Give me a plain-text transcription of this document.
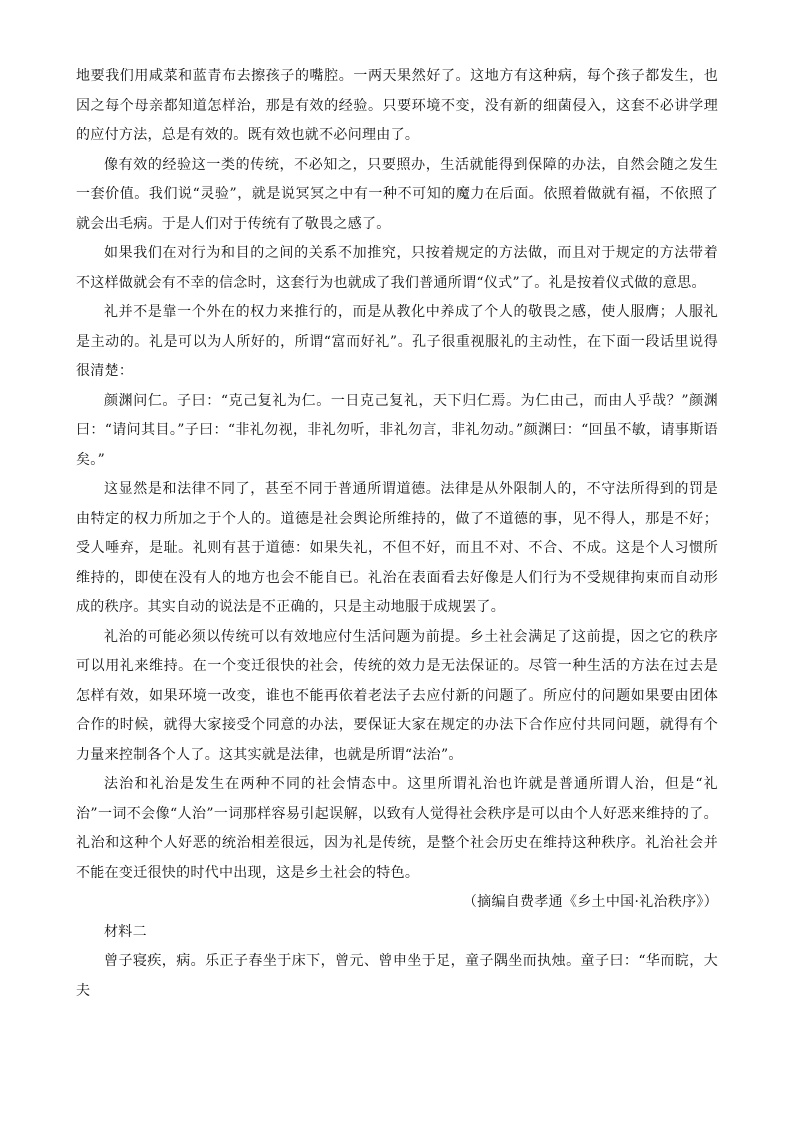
地要我们用咸菜和蓝青布去擦孩子的嘴腔。一两天果然好了。这地方有这种病，每个孩子都发生，也因之每个母亲都知道怎样治，那是有效的经验。只要环境不变，没有新的细菌侵入，这套不必讲学理的应付方法，总是有效的。既有效也就不必问理由了。

像有效的经验这一类的传统，不必知之，只要照办，生活就能得到保障的办法，自然会随之发生一套价值。我们说“灵验”，就是说冥冥之中有一种不可知的魔力在后面。依照着做就有福，不依照了就会出毛病。于是人们对于传统有了敬畏之感了。

如果我们在对行为和目的之间的关系不加推究，只按着规定的方法做，而且对于规定的方法带着不这样做就会有不幸的信念时，这套行为也就成了我们普通所谓“仪式”了。礼是按着仪式做的意思。

礼并不是靠一个外在的权力来推行的，而是从教化中养成了个人的敬畏之感，使人服膺；人服礼是主动的。礼是可以为人所好的，所谓“富而好礼”。孔子很重视服礼的主动性，在下面一段话里说得很清楚：

颜渊问仁。子曰：“克己复礼为仁。一日克己复礼，天下归仁焉。为仁由己，而由人乎哉？”颜渊曰：“请问其目。”子曰：“非礼勿视，非礼勿听，非礼勿言，非礼勿动。”颜渊曰：“回虽不敏，请事斯语矣。”

这显然是和法律不同了，甚至不同于普通所谓道德。法律是从外限制人的，不守法所得到的罚是由特定的权力所加之于个人的。道德是社会舆论所维持的，做了不道德的事，见不得人，那是不好；受人唾弃，是耻。礼则有甚于道德：如果失礼，不但不好，而且不对、不合、不成。这是个人习惯所维持的，即使在没有人的地方也会不能自已。礼治在表面看去好像是人们行为不受规律拘束而自动形成的秩序。其实自动的说法是不正确的，只是主动地服于成规罢了。

礼治的可能必须以传统可以有效地应付生活问题为前提。乡土社会满足了这前提，因之它的秩序可以用礼来维持。在一个变迁很快的社会，传统的效力是无法保证的。尽管一种生活的方法在过去是怎样有效，如果环境一改变，谁也不能再依着老法子去应付新的问题了。所应付的问题如果要由团体合作的时候，就得大家接受个同意的办法，要保证大家在规定的办法下合作应付共同问题，就得有个力量来控制各个人了。这其实就是法律，也就是所谓“法治”。

法治和礼治是发生在两种不同的社会情态中。这里所谓礼治也许就是普通所谓人治，但是“礼治”一词不会像“人治”一词那样容易引起误解，以致有人觉得社会秩序是可以由个人好恶来维持的了。礼治和这种个人好恶的统治相差很远，因为礼是传统，是整个社会历史在维持这种秩序。礼治社会并不能在变迁很快的时代中出现，这是乡土社会的特色。

（摘编自费孝通《乡土中国·礼治秩序》）

材料二

曾子寝疾，病。乐正子春坐于床下，曾元、曾申坐于足，童子隅坐而执烛。童子曰：“华而睆，大夫
